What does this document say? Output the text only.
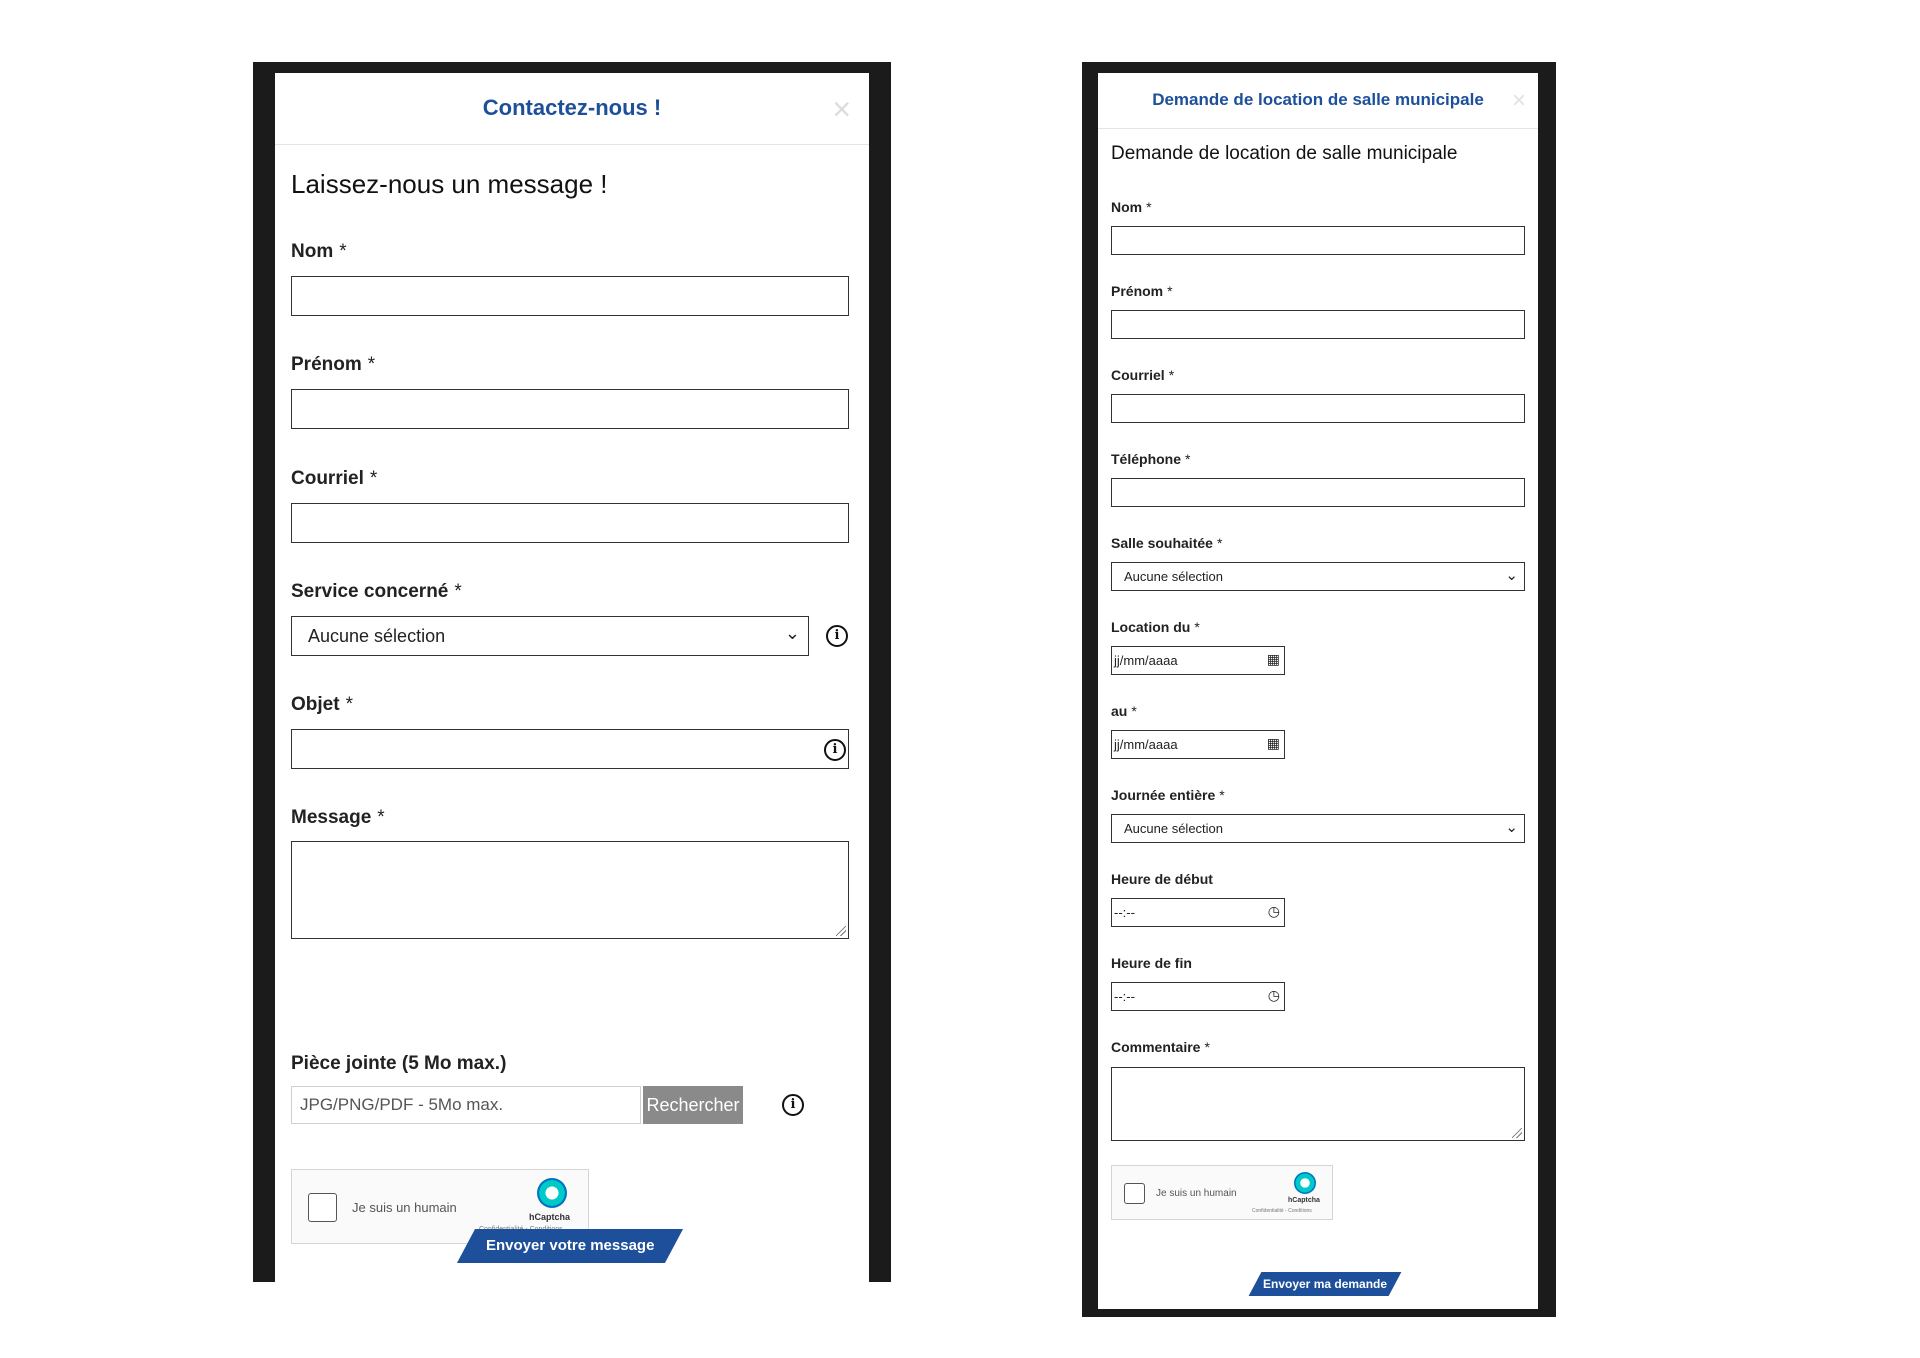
Contactez-nous !	×
Laissez-nous un message !
Nom *
Prénom *
Courriel *
Service concerné *
Aucune sélection	⌄	i
Objet *
i
Message *
Pièce jointe (5 Mo max.)
JPG/PNG/PDF - 5Mo max.	Rechercher	i
Je suis un humain
hCaptcha
Envoyer votre message
Demande de location de salle municipale	×
Demande de location de salle municipale
Nom *
Prénom *
Courriel *
Téléphone *
Salle souhaitée *
Aucune sélection	⌄
Location du *
jj/mm/aaaa	▦
au *
jj/mm/aaaa	▦
Journée entière *
Aucune sélection	⌄
Heure de début
--:--	◷
Heure de fin
--:--	◷
Commentaire *
Je suis un humain
hCaptcha
Confidentialité - Conditions
Envoyer ma demande
